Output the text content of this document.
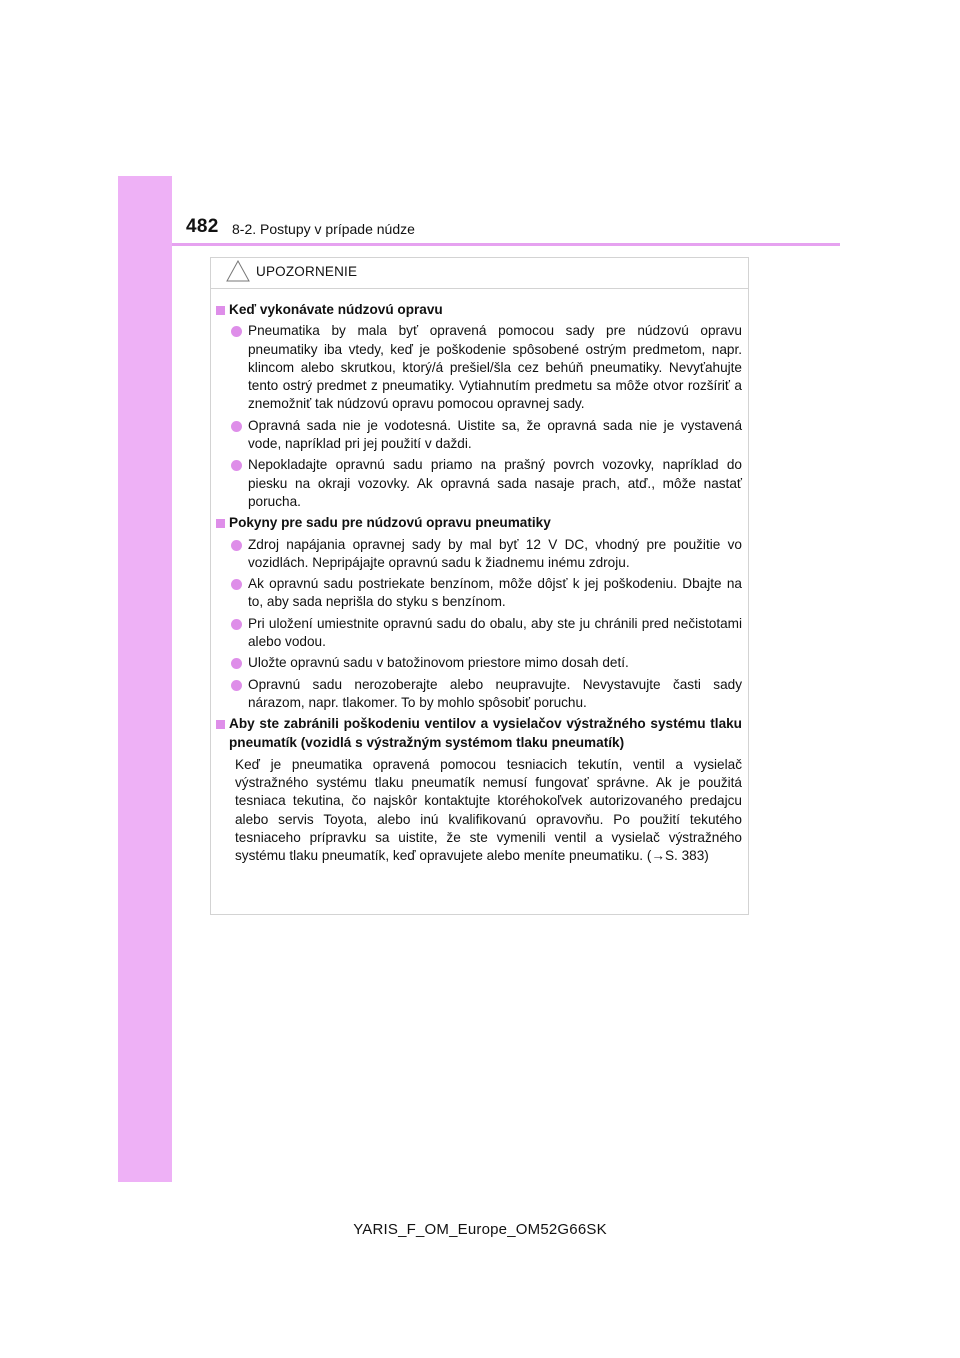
482 8-2. Postupy v prípade núdze
UPOZORNENIE
Keď vykonávate núdzovú opravu
Pneumatika by mala byť opravená pomocou sady pre núdzovú opravu pneumatiky iba vtedy, keď je poškodenie spôsobené ostrým predmetom, napr. klincom alebo skrutkou, ktorý/á prešiel/šla cez behúň pneumatiky. Nevyťahujte tento ostrý predmet z pneumatiky. Vytiahnutím predmetu sa môže otvor rozšíriť a znemožniť tak núdzovú opravu pomocou opravnej sady.
Opravná sada nie je vodotesná. Uistite sa, že opravná sada nie je vystavená vode, napríklad pri jej použití v daždi.
Nepokladajte opravnú sadu priamo na prašný povrch vozovky, napríklad do piesku na okraji vozovky. Ak opravná sada nasaje prach, atď., môže nastať porucha.
Pokyny pre sadu pre núdzovú opravu pneumatiky
Zdroj napájania opravnej sady by mal byť 12 V DC, vhodný pre použitie vo vozidlách. Nepripájajte opravnú sadu k žiadnemu inému zdroju.
Ak opravnú sadu postriekate benzínom, môže dôjsť k jej poškodeniu. Dbajte na to, aby sada neprišla do styku s benzínom.
Pri uložení umiestnite opravnú sadu do obalu, aby ste ju chránili pred nečistotami alebo vodou.
Uložte opravnú sadu v batožinovom priestore mimo dosah detí.
Opravnú sadu nerozoberajte alebo neupravujte. Nevystavujte časti sady nárazom, napr. tlakomer. To by mohlo spôsobiť poruchu.
Aby ste zabránili poškodeniu ventilov a vysielačov výstražného systému tlaku pneumatík (vozidlá s výstražným systémom tlaku pneumatík)
Keď je pneumatika opravená pomocou tesniacich tekutín, ventil a vysielač výstražného systému tlaku pneumatík nemusí fungovať správne. Ak je použitá tesniaca tekutina, čo najskôr kontaktujte ktoréhokoľvek autorizovaného predajcu alebo servis Toyota, alebo inú kvalifikovanú opravovňu. Po použití tekutého tesniaceho prípravku sa uistite, že ste vymenili ventil a vysielač výstražného systému tlaku pneumatík, keď opravujete alebo meníte pneumatiku. (→S. 383)
YARIS_F_OM_Europe_OM52G66SK
